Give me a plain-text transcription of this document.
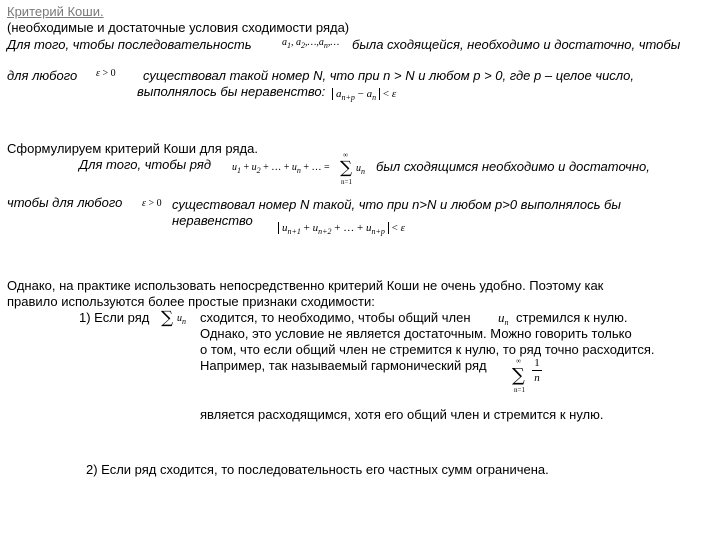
Критерий Коши.
(необходимые и достаточные условия сходимости ряда)
Для того, чтобы последовательность	$a_1$, $a_2,\dots,a_n,\dots$ была сходящейся, необходимо и достаточно, чтобы
для любого ε > 0 существовал такой номер N, что при n > N и любом р > 0, где р – целое число,
выполнялось бы неравенство: $a_{n+p} - a_n < \varepsilon$
Сформулируем критерий Коши для ряда.
Для того, чтобы ряд $u_1 + u_2$ + … + $u_n$ + … = ∑
∞
n=1
$u_n$ был сходящимся необходимо и достаточно,
чтобы для любого ε > 0 существовал номер N такой, что при n>N и любом р>0 выполнялось бы
неравенство	$u_{n+1} + u_{n+2}$ + … + $u_{n+p} < \varepsilon$
Однако, на практике использовать непосредственно критерий Коши не очень удобно. Поэтому как
правило используются более простые признаки сходимости:
1) Если ряд ∑ $u_n$ сходится, то необходимо, чтобы общий член $u_n$ стремился к нулю.
Однако, это условие не является достаточным. Можно говорить только
о том, что если общий член не стремится к нулю, то ряд точно расходится.
Например, так называемый гармонический ряд ∑
∞
n=1
1
n
является расходящимся, хотя его общий член и стремится к нулю.
2) Если ряд сходится, то последовательность его частных сумм ограничена.
